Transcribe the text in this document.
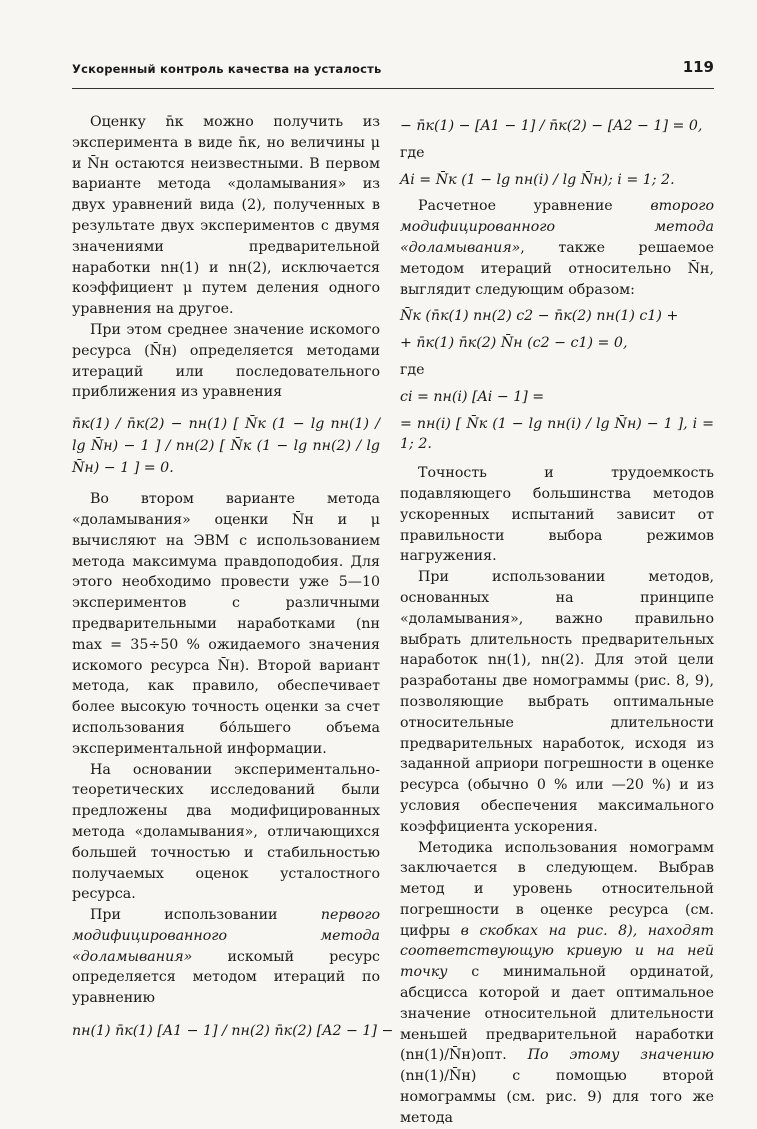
Ускоренный контроль качества на усталость	119

Оценку n̄к можно получить из эксперимента в виде n̄к, но величины μ и N̄н остаются неизвестными. В первом варианте метода «доламывания» из двух уравнений вида (2), полученных в результате двух экспериментов с двумя значениями предварительной наработки nн(1) и nн(2), исключается коэффициент μ путем деления одного уравнения на другое.

При этом среднее значение искомого ресурса (N̄н) определяется методами итераций или последовательного приближения из уравнения

n̄к(1) / n̄к(2) − nн(1) [ N̄к (1 − lg nн(1) / lg N̄н) − 1 ] / nн(2) [ N̄к (1 − lg nн(2) / lg N̄н) − 1 ] = 0.

Во втором варианте метода «доламывания» оценки N̄н и μ вычисляют на ЭВМ с использованием метода максимума правдоподобия. Для этого необходимо провести уже 5—10 экспериментов с различными предварительными наработками (nн max = 35÷50 % ожидаемого значения искомого ресурса N̄н). Второй вариант метода, как правило, обеспечивает более высокую точность оценки за счет использования бо́льшего объема экспериментальной информации.

На основании экспериментально-теоретических исследований были предложены два модифицированных метода «доламывания», отличающихся большей точностью и стабильностью получаемых оценок усталостного ресурса.

При использовании первого модифицированного метода «доламывания» искомый ресурс определяется методом итераций по уравнению

nн(1) n̄к(1) [A1 − 1] / nн(2) n̄к(2) [A2 − 1] −
− n̄к(1) − [A1 − 1] / n̄к(2) − [A2 − 1] = 0,

где

Ai = N̄к (1 − lg nн(i) / lg N̄н); i = 1; 2.

Расчетное уравнение второго модифицированного метода «доламывания», также решаемое методом итераций относительно N̄н, выглядит следующим образом:

N̄к (n̄к(1) nн(2) c2 − n̄к(2) nн(1) c1) +
+ n̄к(1) n̄к(2) N̄н (c2 − c1) = 0,

где

ci = nн(i) [Ai − 1] =
= nн(i) [ N̄к (1 − lg nн(i) / lg N̄н) − 1 ], i = 1; 2.

Точность и трудоемкость подавляющего большинства методов ускоренных испытаний зависит от правильности выбора режимов нагружения.

При использовании методов, основанных на принципе «доламывания», важно правильно выбрать длительность предварительных наработок nн(1), nн(2). Для этой цели разработаны две номограммы (рис. 8, 9), позволяющие выбрать оптимальные относительные длительности предварительных наработок, исходя из заданной априори погрешности в оценке ресурса (обычно 0 % или —20 %) и из условия обеспечения максимального коэффициента ускорения.

Методика использования номограмм заключается в следующем. Выбрав метод и уровень относительной погрешности в оценке ресурса (см. цифры в скобках на рис. 8), находят соответствующую кривую и на ней точку с минимальной ординатой, абсцисса которой и дает оптимальное значение относительной длительности меньшей предварительной наработки (nн(1)/N̄н)опт. По этому значению (nн(1)/N̄н) с помощью второй номограммы (см. рис. 9) для того же метода
